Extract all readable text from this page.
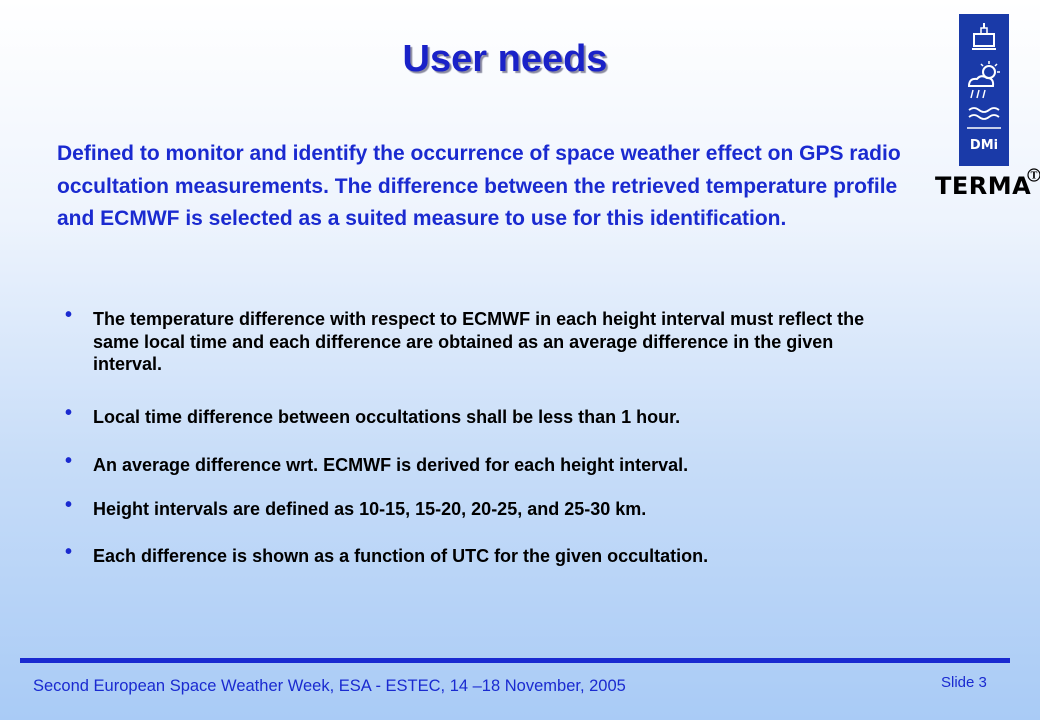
User needs
Defined to monitor and identify the occurrence of space weather effect on GPS radio occultation measurements. The difference between the retrieved temperature profile and ECMWF is selected as a suited measure to use for this identification.
• The temperature difference with respect to ECMWF in each height interval must reflect the same local time and each difference are obtained as an average difference in the given interval.
• Local time difference between occultations shall be less than 1 hour.
• An average difference wrt. ECMWF is derived for each height interval.
• Height intervals are defined as 10-15, 15-20, 20-25, and 25-30 km.
• Each difference is shown as a function of UTC for the given occultation.
DMi
TERMA T
Second European Space Weather Week, ESA - ESTEC, 14 –18 November, 2005	Slide 3
